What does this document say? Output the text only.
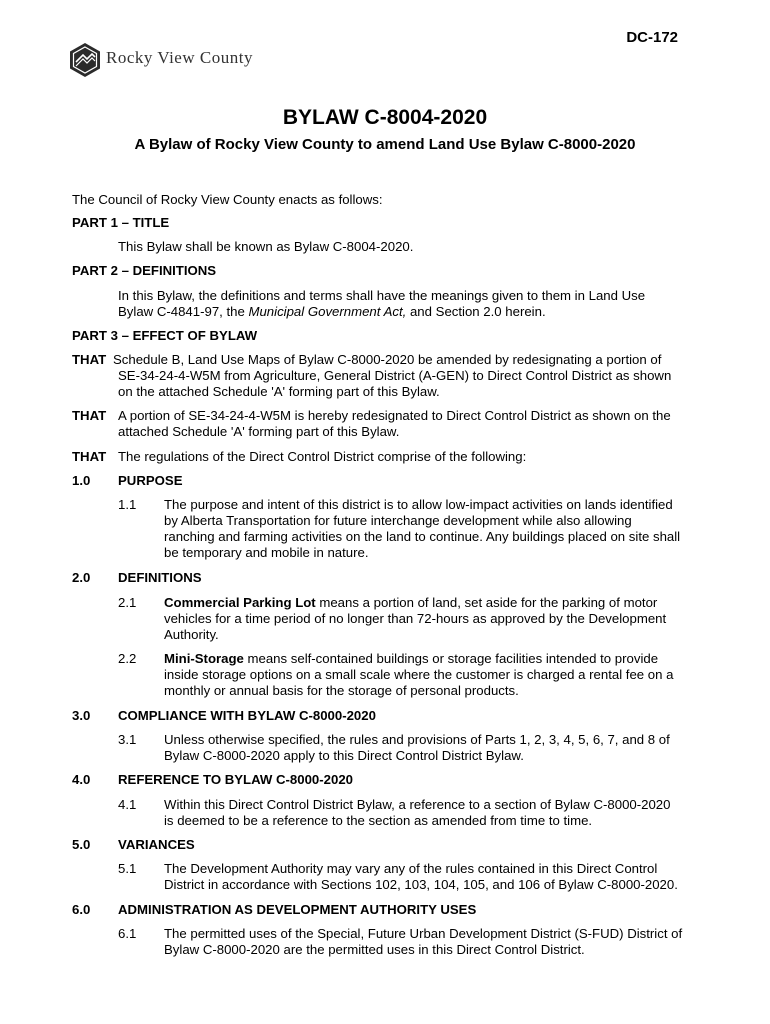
Rocky View County
DC-172
BYLAW C-8004-2020
A Bylaw of Rocky View County to amend Land Use Bylaw C-8000-2020
The Council of Rocky View County enacts as follows:
PART 1 – TITLE
This Bylaw shall be known as Bylaw C-8004-2020.
PART 2 – DEFINITIONS
In this Bylaw, the definitions and terms shall have the meanings given to them in Land Use
Bylaw C-4841-97, the Municipal Government Act, and Section 2.0 herein.
PART 3 – EFFECT OF BYLAW
THAT Schedule B, Land Use Maps of Bylaw C-8000-2020 be amended by redesignating a portion of
SE-34-24-4-W5M from Agriculture, General District (A-GEN) to Direct Control District as shown
on the attached Schedule 'A' forming part of this Bylaw.
THAT A portion of SE-34-24-4-W5M is hereby redesignated to Direct Control District as shown on the
attached Schedule 'A' forming part of this Bylaw.
THAT The regulations of the Direct Control District comprise of the following:
1.0 PURPOSE
1.1 The purpose and intent of this district is to allow low-impact activities on lands identified
by Alberta Transportation for future interchange development while also allowing
ranching and farming activities on the land to continue. Any buildings placed on site shall
be temporary and mobile in nature.
2.0 DEFINITIONS
2.1 Commercial Parking Lot means a portion of land, set aside for the parking of motor
vehicles for a time period of no longer than 72-hours as approved by the Development
Authority.
2.2 Mini-Storage means self-contained buildings or storage facilities intended to provide
inside storage options on a small scale where the customer is charged a rental fee on a
monthly or annual basis for the storage of personal products.
3.0 COMPLIANCE WITH BYLAW C-8000-2020
3.1 Unless otherwise specified, the rules and provisions of Parts 1, 2, 3, 4, 5, 6, 7, and 8 of
Bylaw C-8000-2020 apply to this Direct Control District Bylaw.
4.0 REFERENCE TO BYLAW C-8000-2020
4.1 Within this Direct Control District Bylaw, a reference to a section of Bylaw C-8000-2020
is deemed to be a reference to the section as amended from time to time.
5.0 VARIANCES
5.1 The Development Authority may vary any of the rules contained in this Direct Control
District in accordance with Sections 102, 103, 104, 105, and 106 of Bylaw C-8000-2020.
6.0 ADMINISTRATION AS DEVELOPMENT AUTHORITY USES
6.1 The permitted uses of the Special, Future Urban Development District (S-FUD) District of
Bylaw C-8000-2020 are the permitted uses in this Direct Control District.
